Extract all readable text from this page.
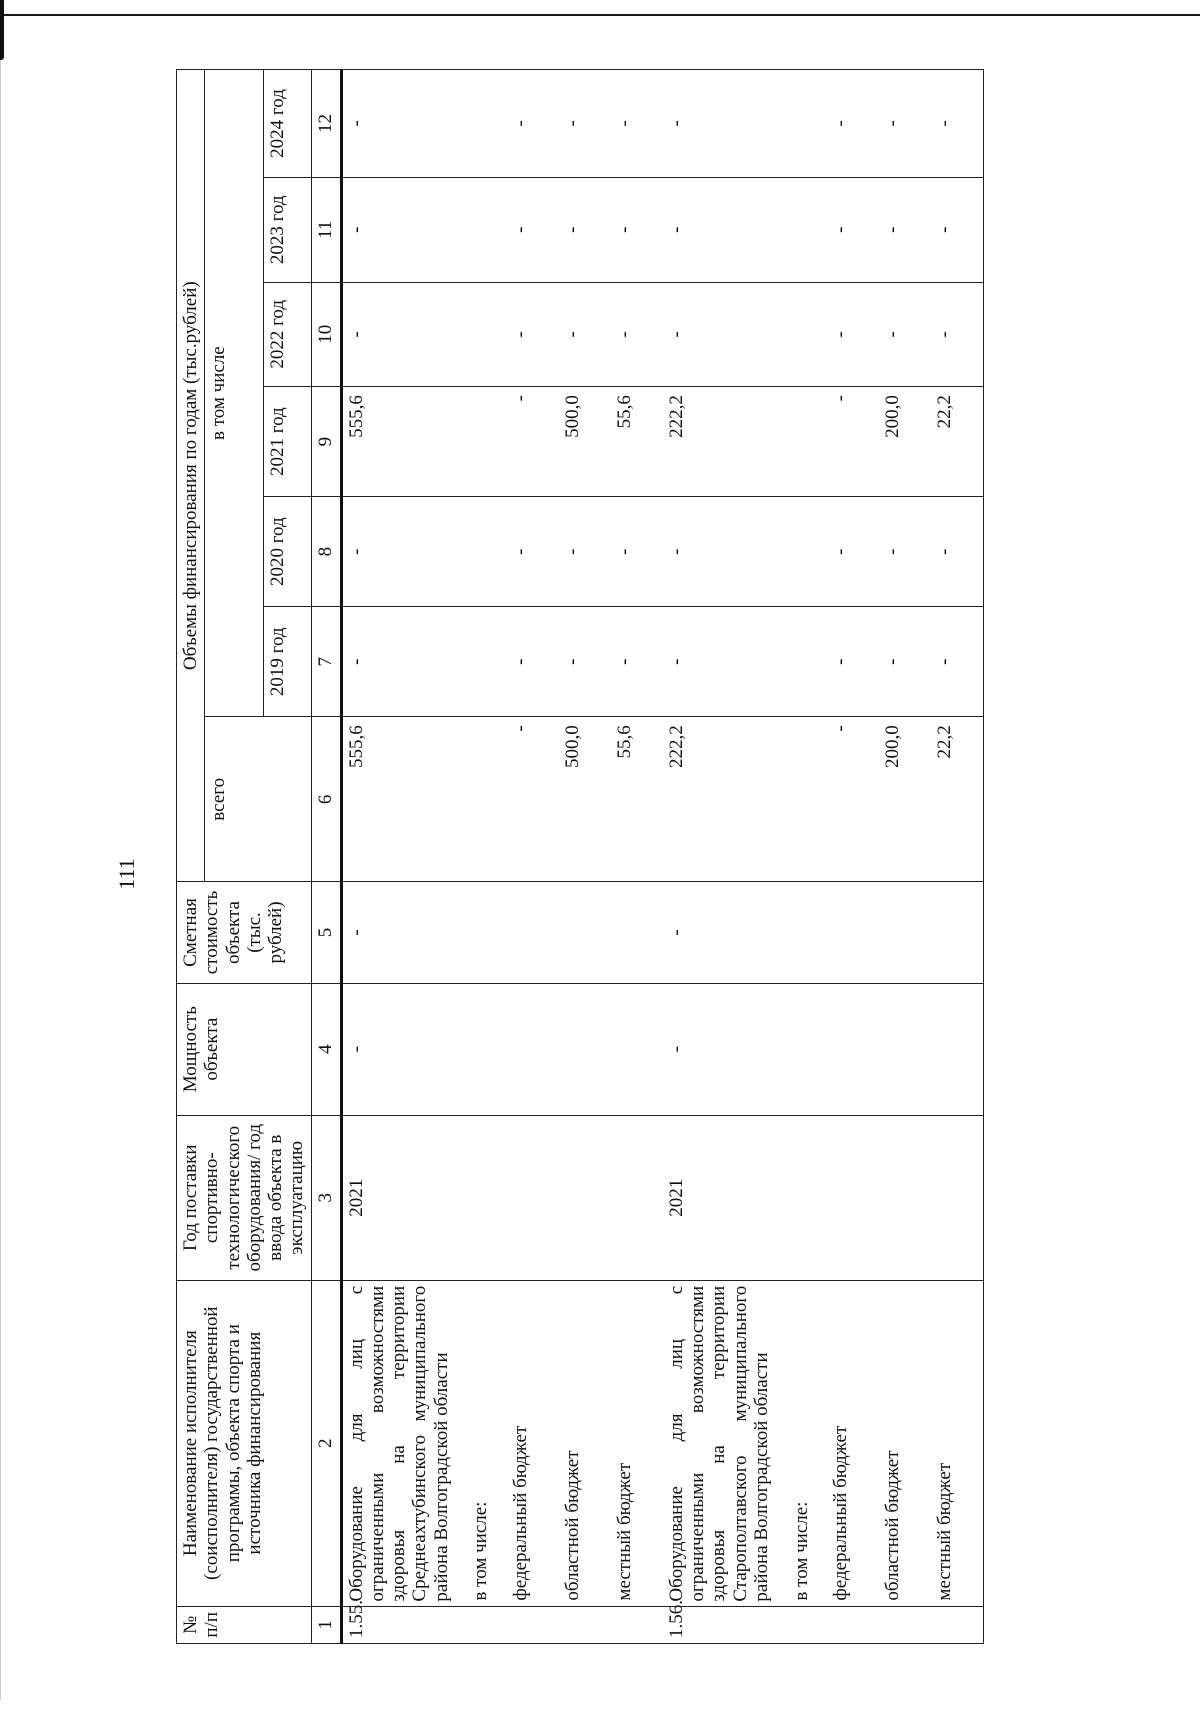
111
№ п/п	Наименование исполнителя (соисполнителя) государственной программы, объекта спорта и источника финансирования	Год поставки спортивно-технологического оборудования/ год ввода объекта в эксплуатацию	Мощность объекта	Сметная стоимость объекта (тыс. рублей)	Объемы финансирования по годам (тыс.рублей)						
					всего	в том числе					
						2019 год	2020 год	2021 год	2022 год	2023 год	2024 год
1	2	3	4	5	6	7	8	9	10	11	12
1.55.	Оборудование для лиц с ограниченными возможностями здоровья на территории Среднеахтубинского муниципального района Волгоградской области	2021	-	-	555,6	-	-	555,6	-	-	-
	в том числе:										
	федеральный бюджет				-	-	-	-	-	-	-
	областной бюджет				500,0	-	-	500,0	-	-	-
	местный бюджет				55,6	-	-	55,6	-	-	-
1.56.	Оборудование для лиц с ограниченными возможностями здоровья на территории Старополтавского муниципального района Волгоградской области	2021	-	-	222,2	-	-	222,2	-	-	-
	в том числе:										
	федеральный бюджет				-	-	-	-	-	-	-
	областной бюджет				200,0	-	-	200,0	-	-	-
	местный бюджет				22,2	-	-	22,2	-	-	-
